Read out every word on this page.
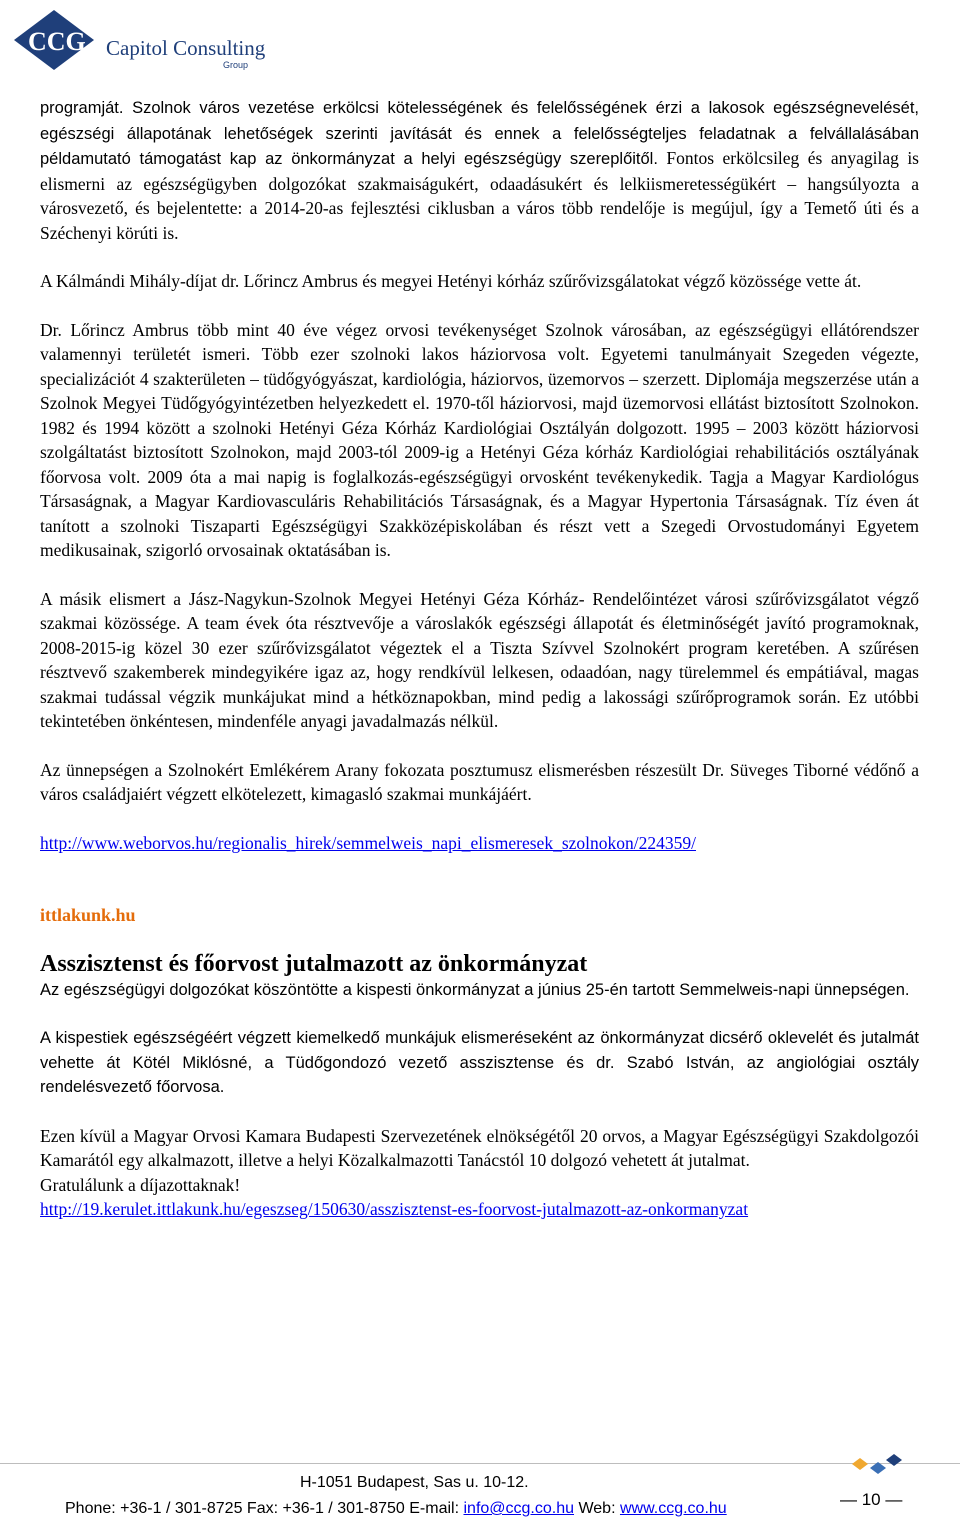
CCG Capitol Consulting
Group

programját. Szolnok város vezetése erkölcsi kötelességének és felelősségének érzi a lakosok egészségnevelését, egészségi állapotának lehetőségek szerinti javítását és ennek a felelősségteljes feladatnak a felvállalásában példamutató támogatást kap az önkormányzat a helyi egészségügy szereplőitől. Fontos erkölcsileg és anyagilag is elismerni az egészségügyben dolgozókat szakmaiságukért, odaadásukért és lelkiismeretességükért – hangsúlyozta a városvezető, és bejelentette: a 2014-20-as fejlesztési ciklusban a város több rendelője is megújul, így a Temető úti és a Széchenyi körúti is.

A Kálmándi Mihály-díjat dr. Lőrincz Ambrus és megyei Hetényi kórház szűrővizsgálatokat végző közössége vette át.

Dr. Lőrincz Ambrus több mint 40 éve végez orvosi tevékenységet Szolnok városában, az egészségügyi ellátórendszer valamennyi területét ismeri. Több ezer szolnoki lakos háziorvosa volt. Egyetemi tanulmányait Szegeden végezte, specializációt 4 szakterületen – tüdőgyógyászat, kardiológia, háziorvos, üzemorvos – szerzett. Diplomája megszerzése után a Szolnok Megyei Tüdőgyógyintézetben helyezkedett el. 1970-től háziorvosi, majd üzemorvosi ellátást biztosított Szolnokon. 1982 és 1994 között a szolnoki Hetényi Géza Kórház Kardiológiai Osztályán dolgozott. 1995 – 2003 között háziorvosi szolgáltatást biztosított Szolnokon, majd 2003-tól 2009-ig a Hetényi Géza kórház Kardiológiai rehabilitációs osztályának főorvosa volt. 2009 óta a mai napig is foglalkozás-egészségügyi orvosként tevékenykedik. Tagja a Magyar Kardiológus Társaságnak, a Magyar Kardiovasculáris Rehabilitációs Társaságnak, és a Magyar Hypertonia Társaságnak. Tíz éven át tanított a szolnoki Tiszaparti Egészségügyi Szakközépiskolában és részt vett a Szegedi Orvostudományi Egyetem medikusainak, szigorló orvosainak oktatásában is.

A másik elismert a Jász-Nagykun-Szolnok Megyei Hetényi Géza Kórház- Rendelőintézet városi szűrővizsgálatot végző szakmai közössége. A team évek óta résztvevője a városlakók egészségi állapotát és életminőségét javító programoknak, 2008-2015-ig közel 30 ezer szűrővizsgálatot végeztek el a Tiszta Szívvel Szolnokért program keretében. A szűrésen résztvevő szakemberek mindegyikére igaz az, hogy rendkívül lelkesen, odaadóan, nagy türelemmel és empátiával, magas szakmai tudással végzik munkájukat mind a hétköznapokban, mind pedig a lakossági szűrőprogramok során. Ez utóbbi tekintetében önkéntesen, mindenféle anyagi javadalmazás nélkül.

Az ünnepségen a Szolnokért Emlékérem Arany fokozata posztumusz elismerésben részesült Dr. Süveges Tiborné védőnő a város családjaiért végzett elkötelezett, kimagasló szakmai munkájáért.

http://www.weborvos.hu/regionalis_hirek/semmelweis_napi_elismeresek_szolnokon/224359/

ittlakunk.hu

Asszisztenst és főorvost jutalmazott az önkormányzat

Az egészségügyi dolgozókat köszöntötte a kispesti önkormányzat a június 25-én tartott Semmelweis-napi ünnepségen.

A kispestiek egészségéért végzett kiemelkedő munkájuk elismeréseként az önkormányzat dicsérő oklevelét és jutalmát vehette át Kötél Miklósné, a Tüdőgondozó vezető asszisztense és dr. Szabó István, az angiológiai osztály rendelésvezető főorvosa.

Ezen kívül a Magyar Orvosi Kamara Budapesti Szervezetének elnökségétől 20 orvos, a Magyar Egészségügyi Szakdolgozói Kamarától egy alkalmazott, illetve a helyi Közalkalmazotti Tanácstól 10 dolgozó vehetett át jutalmat.

Gratulálunk a díjazottaknak!

http://19.kerulet.ittlakunk.hu/egeszseg/150630/asszisztenst-es-foorvost-jutalmazott-az-onkormanyzat

H-1051 Budapest, Sas u. 10-12.
Phone: +36-1 / 301-8725 Fax: +36-1 / 301-8750 E-mail: info@ccg.co.hu Web: www.ccg.co.hu	— 10 —
